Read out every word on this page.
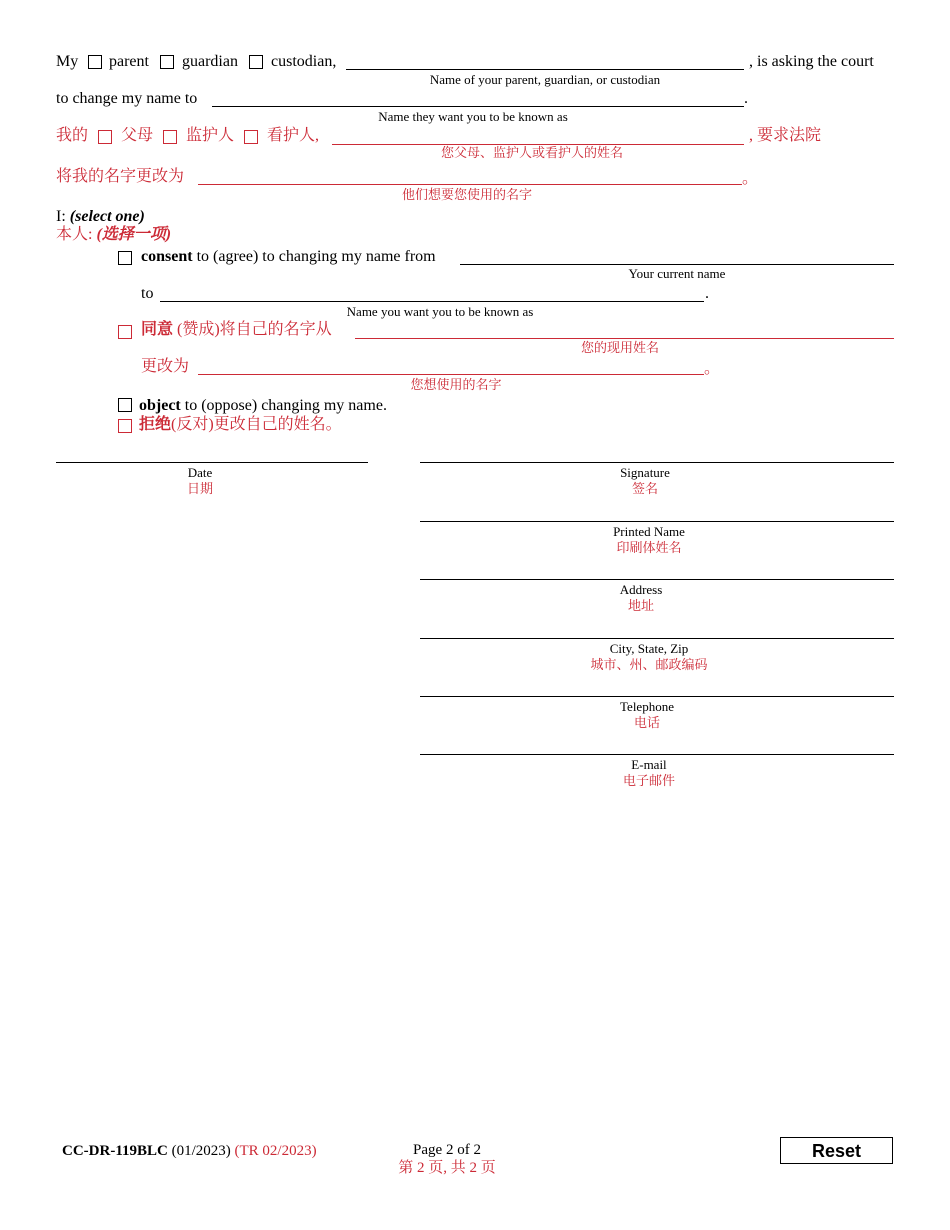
My parent guardian custodian,	, is asking the court
Name of your parent, guardian, or custodian
to change my name to	.
Name they want you to be known as
我的 父母 监护人 看护人,	, 要求法院
您父母、监护人或看护人的姓名
将我的名字更改为	。
他们想要您使用的名字
I: (select one)
本人: (选择一项)
consent to (agree) to changing my name from
Your current name
to	.
Name you want you to be known as
同意 (赞成)将自己的名字从
您的现用姓名
更改为	。
您想使用的名字
object to (oppose) changing my name.
拒绝(反对)更改自己的姓名。
Date
日期
Signature
签名
Printed Name
印刷体姓名
Address
地址
City, State, Zip
城市、州、邮政编码
Telephone
电话
E-mail
电子邮件
CC-DR-119BLC (01/2023) (TR 02/2023)	Page 2 of 2
第 2 页, 共 2 页
Reset
